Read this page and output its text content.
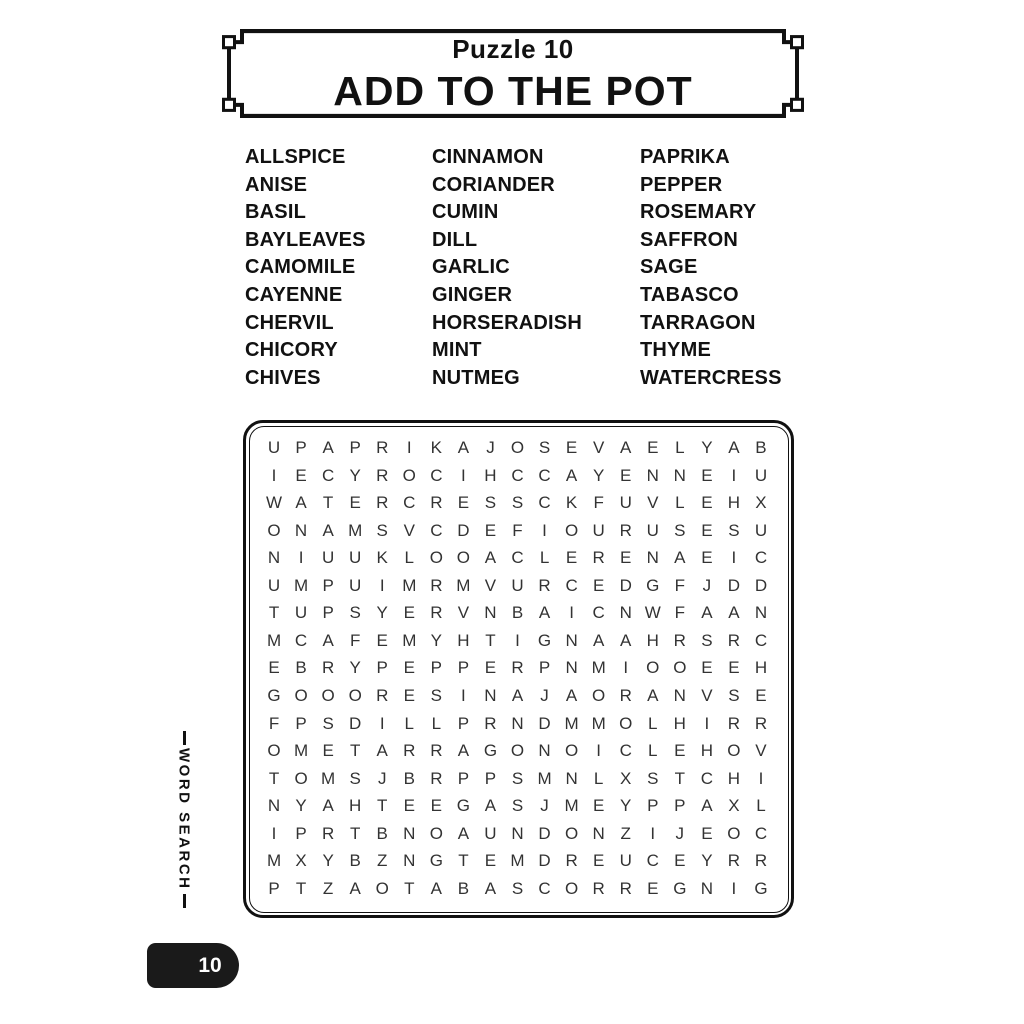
Puzzle 10
ADD TO THE POT
ALLSPICE
ANISE
BASIL
BAYLEAVES
CAMOMILE
CAYENNE
CHERVIL
CHICORY
CHIVES
CINNAMON
CORIANDER
CUMIN
DILL
GARLIC
GINGER
HORSERADISH
MINT
NUTMEG
PAPRIKA
PEPPER
ROSEMARY
SAFFRON
SAGE
TABASCO
TARRAGON
THYME
WATERCRESS
U P A P R	I	K A	J O S E V A E L Y A B
I	E C Y R O C	I	H C C A Y E N N E	I	U
W A T E R C R E S S C K F U V L E H X
O N A M S V C D E F	I	O U R U S E S U
N	I	U U K L O O A C L E R E N A E	I	C
U M P U	I	M R M V U R C E D G F	J D D
T U P S Y E R V N B A	I	C N W F A A N
M C A F E M Y H T	I	G N A A H R S R C
E B R Y P E P P E R P N M	I	O O E E H
G O O O R E S	I	N A	J	A O R A N V S E
F P S D	I	L	L P R N D M M O L H	I	R R
O M E T A R R A G O N O	I	C L E H O V
T O M S	J	B R P P S M N L X S T C H	I
N Y A H T E E G A S	J M E Y P P A X L
I	P R T B N O A U N D O N Z	I	J	E O C
M X Y B Z N G T E M D R E U C E Y R R
P T Z A O T A B A S C O R R E G N	I	G
WORD SEARCH
10
